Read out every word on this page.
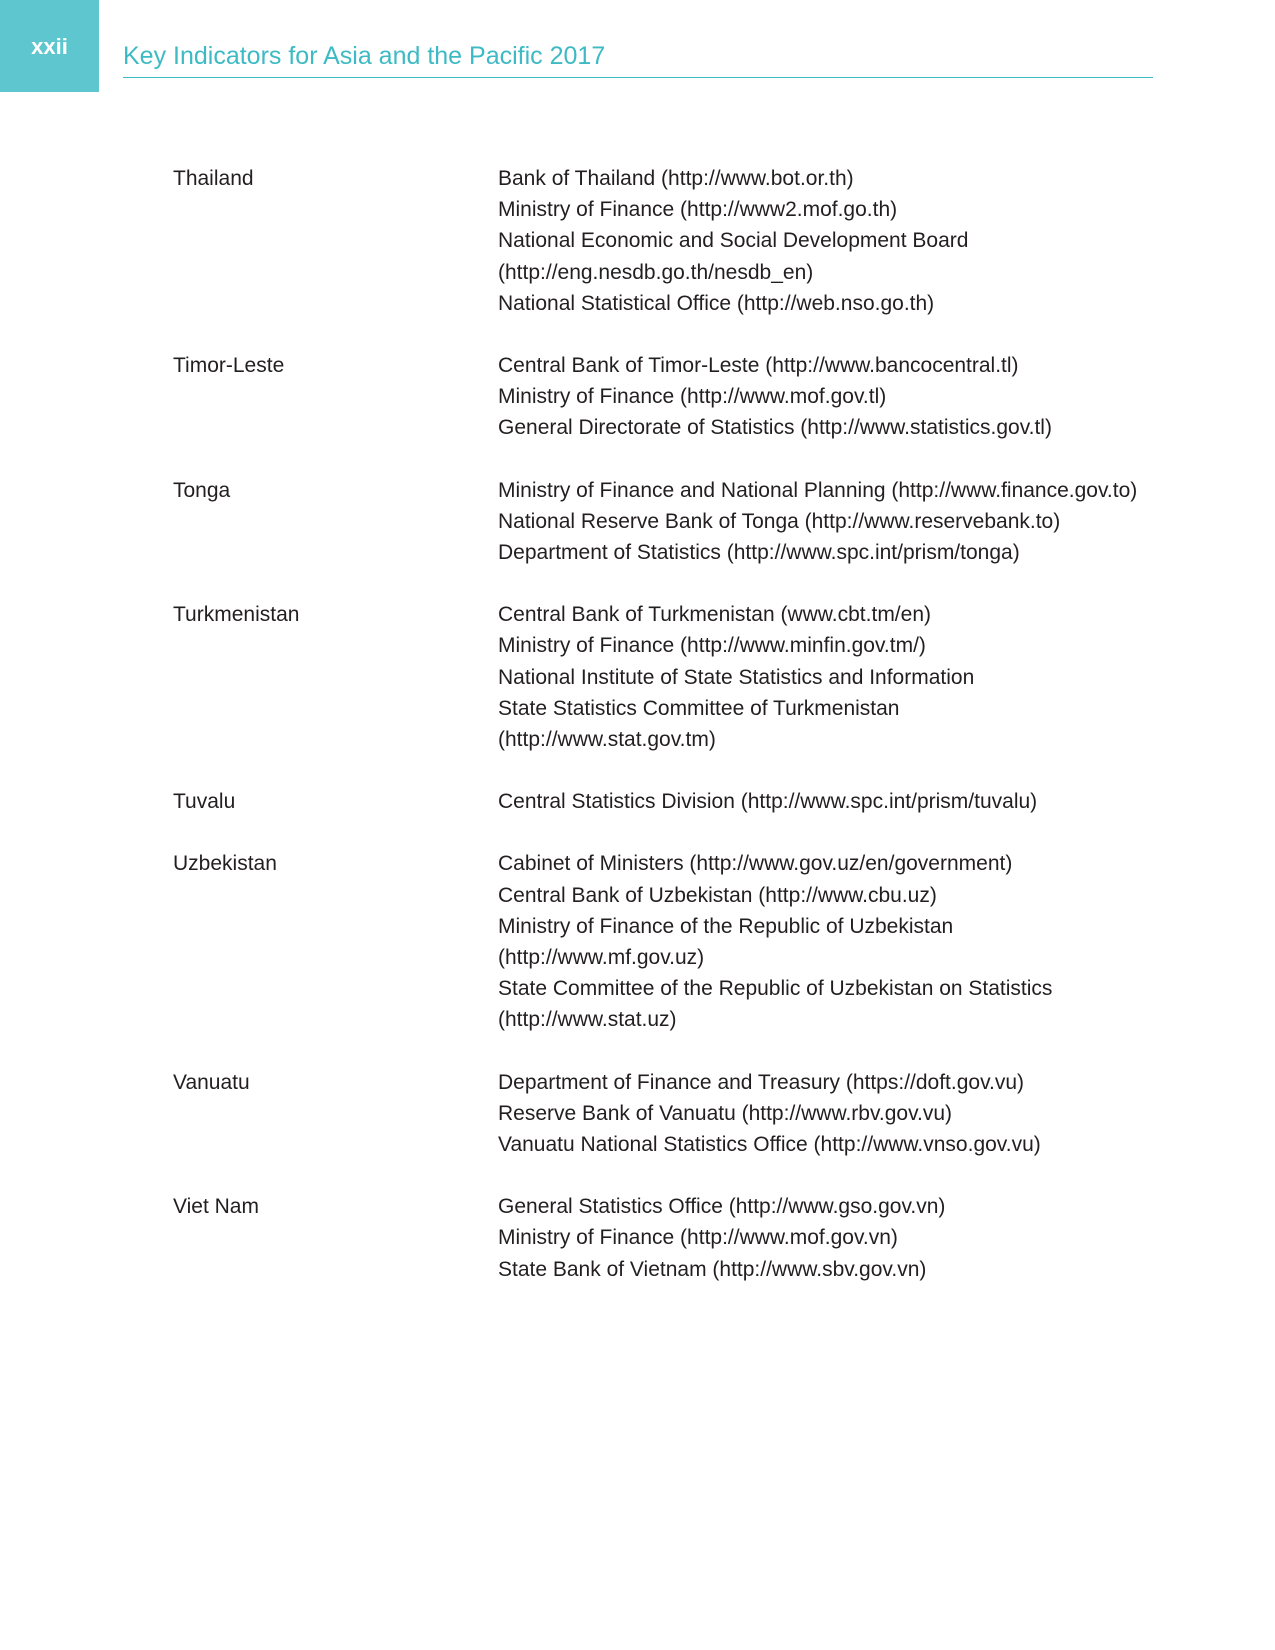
xxii Key Indicators for Asia and the Pacific 2017
Thailand	Bank of Thailand (http://www.bot.or.th)
Ministry of Finance (http://www2.mof.go.th)
National Economic and Social Development Board
(http://eng.nesdb.go.th/nesdb_en)
National Statistical Office (http://web.nso.go.th)
Timor-Leste	Central Bank of Timor-Leste (http://www.bancocentral.tl)
Ministry of Finance (http://www.mof.gov.tl)
General Directorate of Statistics (http://www.statistics.gov.tl)
Tonga	Ministry of Finance and National Planning (http://www.finance.gov.to)
National Reserve Bank of Tonga (http://www.reservebank.to)
Department of Statistics (http://www.spc.int/prism/tonga)
Turkmenistan	Central Bank of Turkmenistan (www.cbt.tm/en)
Ministry of Finance (http://www.minfin.gov.tm/)
National Institute of State Statistics and Information
State Statistics Committee of Turkmenistan
(http://www.stat.gov.tm)
Tuvalu	Central Statistics Division (http://www.spc.int/prism/tuvalu)
Uzbekistan	Cabinet of Ministers (http://www.gov.uz/en/government)
Central Bank of Uzbekistan (http://www.cbu.uz)
Ministry of Finance of the Republic of Uzbekistan
(http://www.mf.gov.uz)
State Committee of the Republic of Uzbekistan on Statistics
(http://www.stat.uz)
Vanuatu	Department of Finance and Treasury (https://doft.gov.vu)
Reserve Bank of Vanuatu (http://www.rbv.gov.vu)
Vanuatu National Statistics Office (http://www.vnso.gov.vu)
Viet Nam	General Statistics Office (http://www.gso.gov.vn)
Ministry of Finance (http://www.mof.gov.vn)
State Bank of Vietnam (http://www.sbv.gov.vn)
